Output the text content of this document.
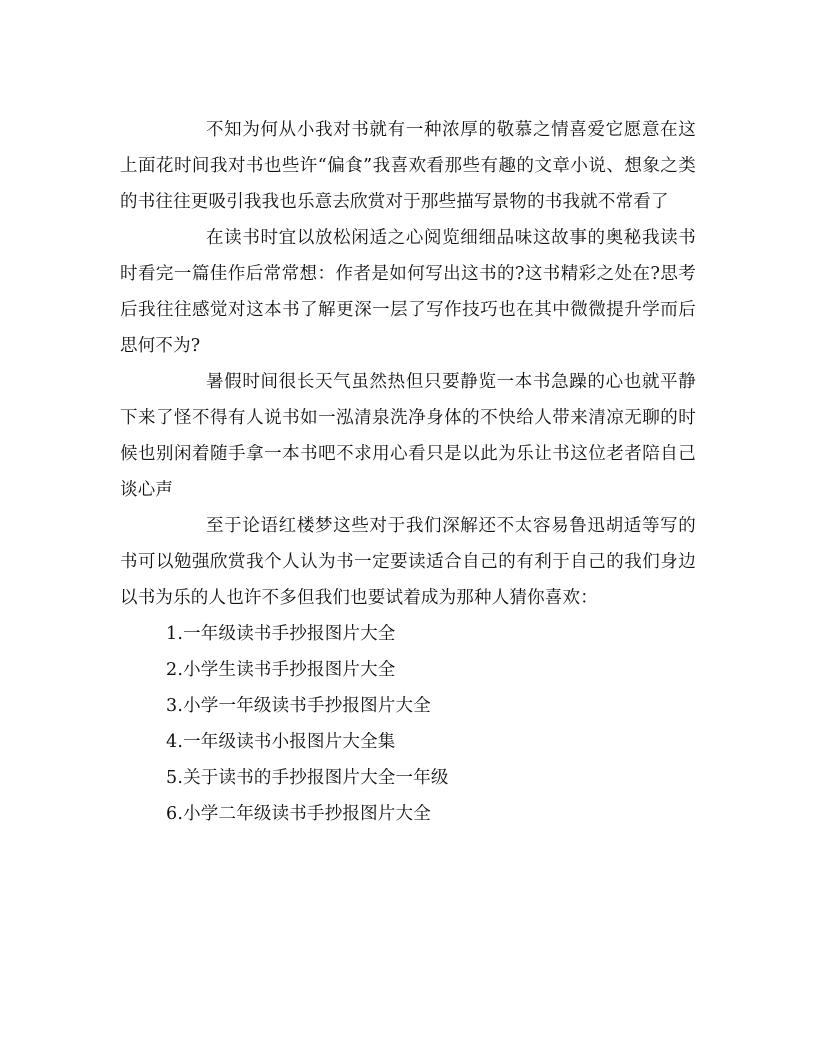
不知为何从小我对书就有一种浓厚的敬慕之情喜爱它愿意在这上面花时间我对书也些许“偏食”我喜欢看那些有趣的文章小说、想象之类的书往往更吸引我我也乐意去欣赏对于那些描写景物的书我就不常看了

在读书时宜以放松闲适之心阅览细细品味这故事的奥秘我读书时看完一篇佳作后常常想：作者是如何写出这书的?这书精彩之处在?思考后我往往感觉对这本书了解更深一层了写作技巧也在其中微微提升学而后思何不为?

暑假时间很长天气虽然热但只要静览一本书急躁的心也就平静下来了怪不得有人说书如一泓清泉洗净身体的不快给人带来清凉无聊的时候也别闲着随手拿一本书吧不求用心看只是以此为乐让书这位老者陪自己谈心声

至于论语红楼梦这些对于我们深解还不太容易鲁迅胡适等写的书可以勉强欣赏我个人认为书一定要读适合自己的有利于自己的我们身边以书为乐的人也许不多但我们也要试着成为那种人猜你喜欢：

1.一年级读书手抄报图片大全
2.小学生读书手抄报图片大全
3.小学一年级读书手抄报图片大全
4.一年级读书小报图片大全集
5.关于读书的手抄报图片大全一年级
6.小学二年级读书手抄报图片大全
